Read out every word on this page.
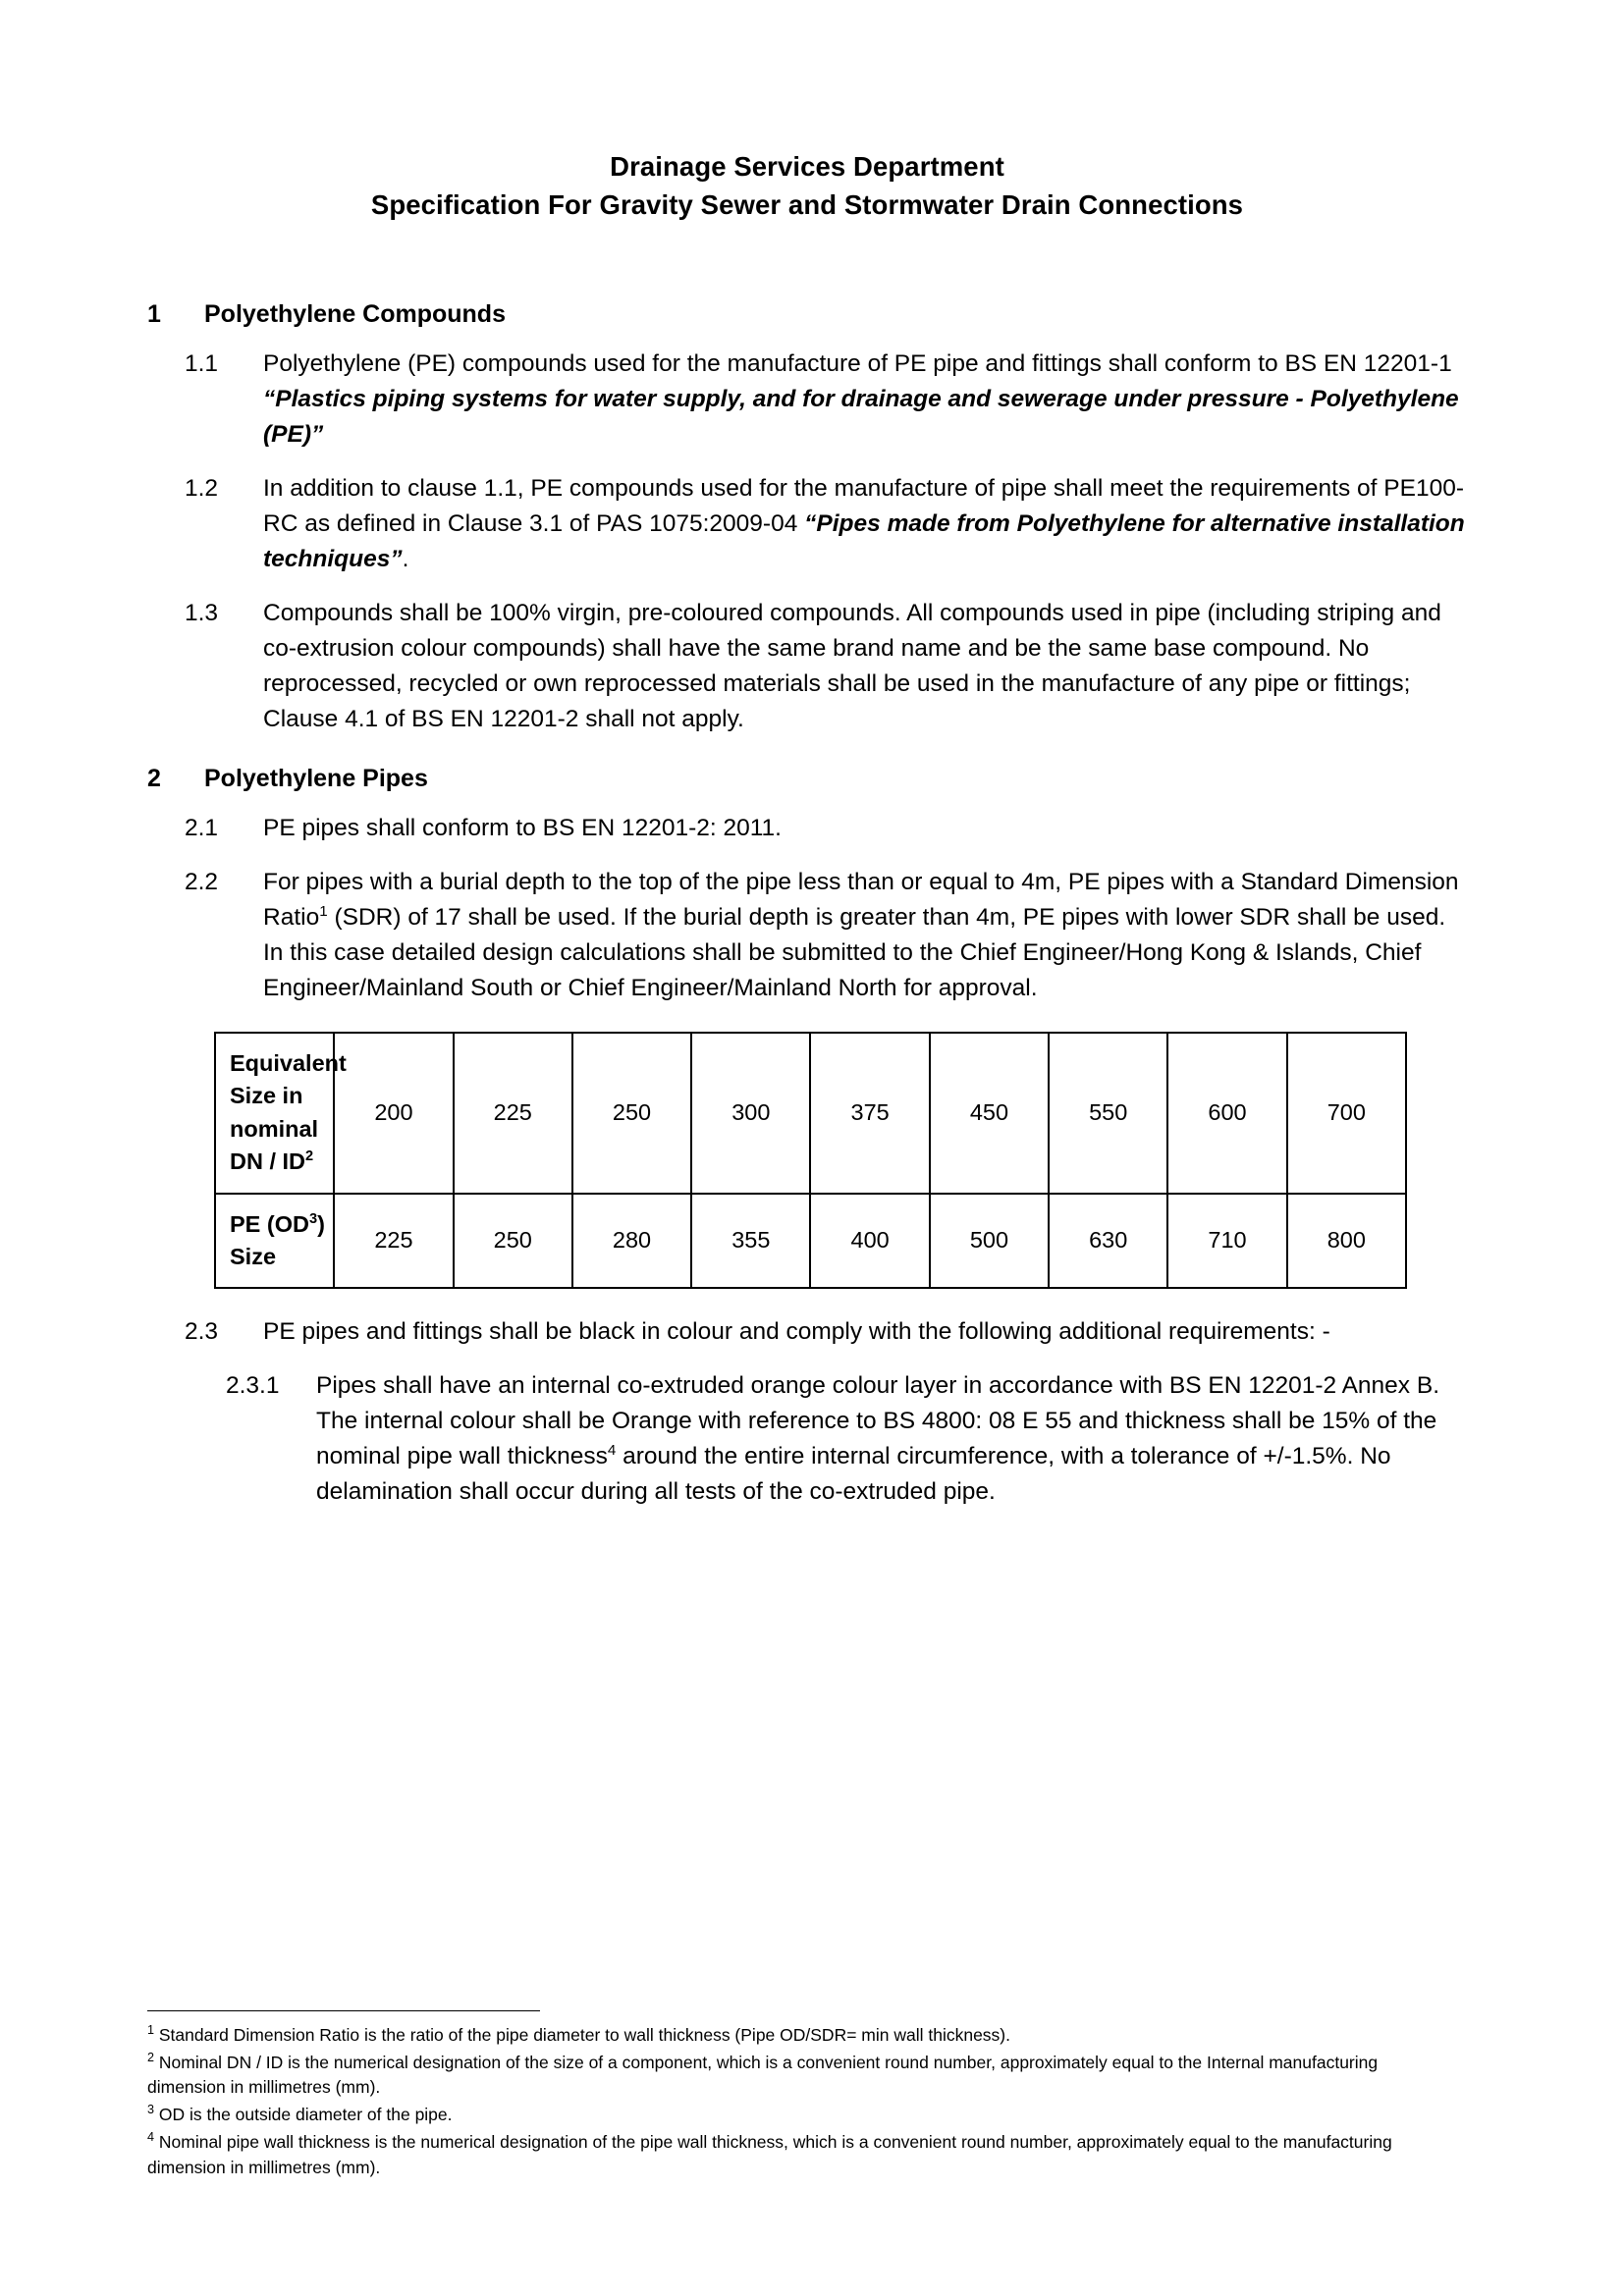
Drainage Services Department
Specification For Gravity Sewer and Stormwater Drain Connections
1	Polyethylene Compounds
1.1	Polyethylene (PE) compounds used for the manufacture of PE pipe and fittings shall conform to BS EN 12201-1 “Plastics piping systems for water supply, and for drainage and sewerage under pressure - Polyethylene (PE)”
1.2	In addition to clause 1.1, PE compounds used for the manufacture of pipe shall meet the requirements of PE100-RC as defined in Clause 3.1 of PAS 1075:2009-04 “Pipes made from Polyethylene for alternative installation techniques”.
1.3	Compounds shall be 100% virgin, pre-coloured compounds. All compounds used in pipe (including striping and co-extrusion colour compounds) shall have the same brand name and be the same base compound. No reprocessed, recycled or own reprocessed materials shall be used in the manufacture of any pipe or fittings; Clause 4.1 of BS EN 12201-2 shall not apply.
2	Polyethylene Pipes
2.1	PE pipes shall conform to BS EN 12201-2: 2011.
2.2	For pipes with a burial depth to the top of the pipe less than or equal to 4m, PE pipes with a Standard Dimension Ratio$^1$ (SDR) of 17 shall be used. If the burial depth is greater than 4m, PE pipes with lower SDR shall be used. In this case detailed design calculations shall be submitted to the Chief Engineer/Hong Kong & Islands, Chief Engineer/Mainland South or Chief Engineer/Mainland North for approval.
Equivalent Size in
nominal DN / $ID^2$	200	225	250	300	375	450	550	600	700
PE $(OD^3)$ Size	225	250	280	355	400	500	630	710	800
2.3	PE pipes and fittings shall be black in colour and comply with the following additional requirements: -
2.3.1	Pipes shall have an internal co-extruded orange colour layer in accordance with BS EN 12201-2 Annex B. The internal colour shall be Orange with reference to BS 4800: 08 E 55 and thickness shall be 15% of the nominal pipe wall thickness$^4$ around the entire internal circumference, with a tolerance of +/-1.5%. No delamination shall occur during all tests of the co-extruded pipe.
$^1$ Standard Dimension Ratio is the ratio of the pipe diameter to wall thickness (Pipe OD/SDR= min wall thickness).
$^2$ Nominal DN / ID is the numerical designation of the size of a component, which is a convenient round number, approximately equal to the Internal manufacturing dimension in millimetres (mm).
$^3$ OD is the outside diameter of the pipe.
$^4$ Nominal pipe wall thickness is the numerical designation of the pipe wall thickness, which is a convenient round number, approximately equal to the manufacturing dimension in millimetres (mm).
